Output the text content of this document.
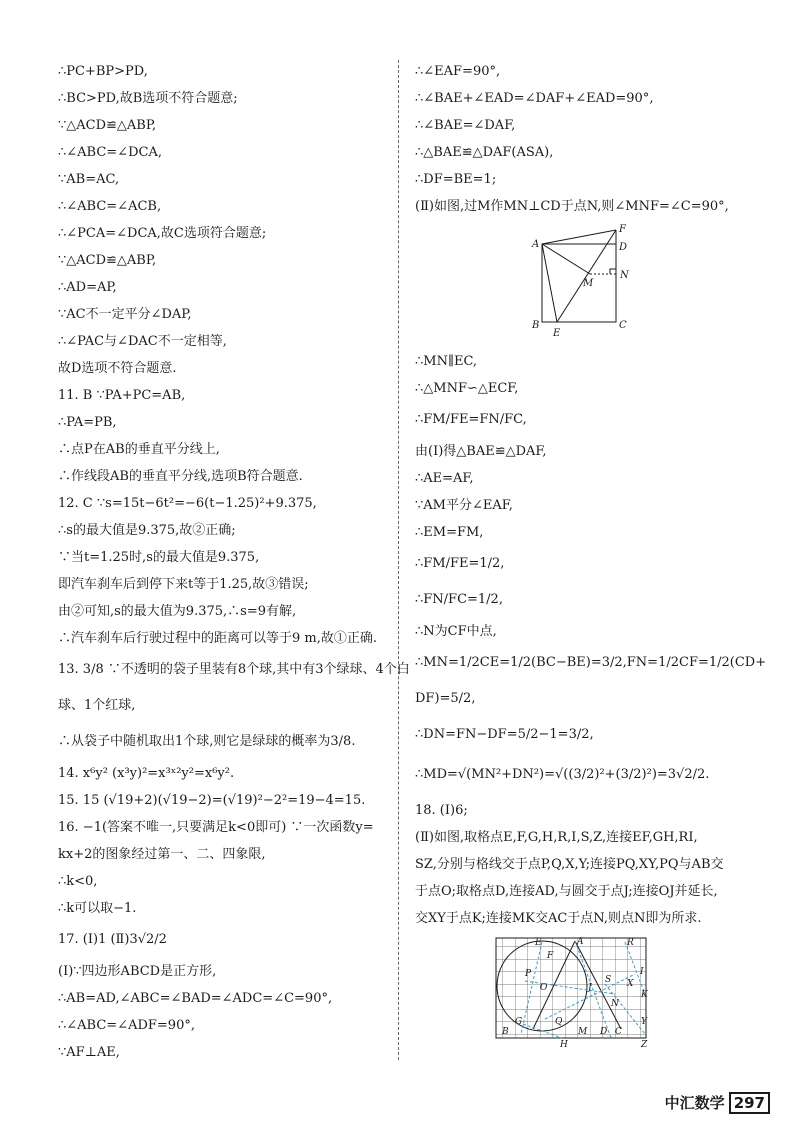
∴PC+BP>PD,
∴BC>PD,故B选项不符合题意;
∵△ACD≌△ABP,
∴∠ABC=∠DCA,
∵AB=AC,
∴∠ABC=∠ACB,
∴∠PCA=∠DCA,故C选项符合题意;
∵△ACD≌△ABP,
∴AD=AP,
∵AC不一定平分∠DAP,
∴∠PAC与∠DAC不一定相等,
故D选项不符合题意.
11. B ∵PA+PC=AB,
∴PA=PB,
∴点P在AB的垂直平分线上,
∴作线段AB的垂直平分线,选项B符合题意.
12. C ∵s=15t−6t²=−6(t−1.25)²+9.375,
∴s的最大值是9.375,故②正确;
∵当t=1.25时,s的最大值是9.375,
即汽车刹车后到停下来t等于1.25,故③错误;
由②可知,s的最大值为9.375,∴s=9有解,
∴汽车刹车后行驶过程中的距离可以等于9 m,故①正确.
13. 3/8 ∵不透明的袋子里装有8个球,其中有3个绿球、4个白
球、1个红球,
∴从袋子中随机取出1个球,则它是绿球的概率为3/8.
14. x⁶y² (x³y)²=x³ˣ²y²=x⁶y².
15. 15 (√19+2)(√19−2)=(√19)²−2²=19−4=15.
16. −1(答案不唯一,只要满足k<0即可) ∵一次函数y=
kx+2的图象经过第一、二、四象限,
∴k<0,
∴k可以取−1.
17. (Ⅰ)1 (Ⅱ)3√2/2
(Ⅰ)∵四边形ABCD是正方形,
∴AB=AD,∠ABC=∠BAD=∠ADC=∠C=90°,
∴∠ABC=∠ADF=90°,
∵AF⊥AE,
∴∠EAF=90°,
∴∠BAE+∠EAD=∠DAF+∠EAD=90°,
∴∠BAE=∠DAF,
∴△BAE≌△DAF(ASA),
∴DF=BE=1;
(Ⅱ)如图,过M作MN⊥CD于点N,则∠MNF=∠C=90°,
A
F
D
M
N
B
E
C
∴MN∥EC,
∴△MNF∽△ECF,
∴FM/FE=FN/FC,
由(Ⅰ)得△BAE≌△DAF,
∴AE=AF,
∵AM平分∠EAF,
∴EM=FM,
∴FM/FE=1/2,
∴FN/FC=1/2,
∴N为CF中点,
∴MN=1/2CE=1/2(BC−BE)=3/2,FN=1/2CF=1/2(CD+
DF)=5/2,
∴DN=FN−DF=5/2−1=3/2,
∴MD=√(MN²+DN²)=√((3/2)²+(3/2)²)=3√2/2.
18. (Ⅰ)6;
(Ⅱ)如图,取格点E,F,G,H,R,I,S,Z,连接EF,GH,RI,
SZ,分别与格线交于点P,Q,X,Y;连接PQ,XY,PQ与AB交
于点O;取格点D,连接AD,与圆交于点J;连接OJ并延长,
交XY于点K;连接MK交AC于点N,则点N即为所求.
E	A	R
F
I
P
O	J	X
K
N
G	Q
M	C
Y
B	D
H	Z
S
中汇数学 297
